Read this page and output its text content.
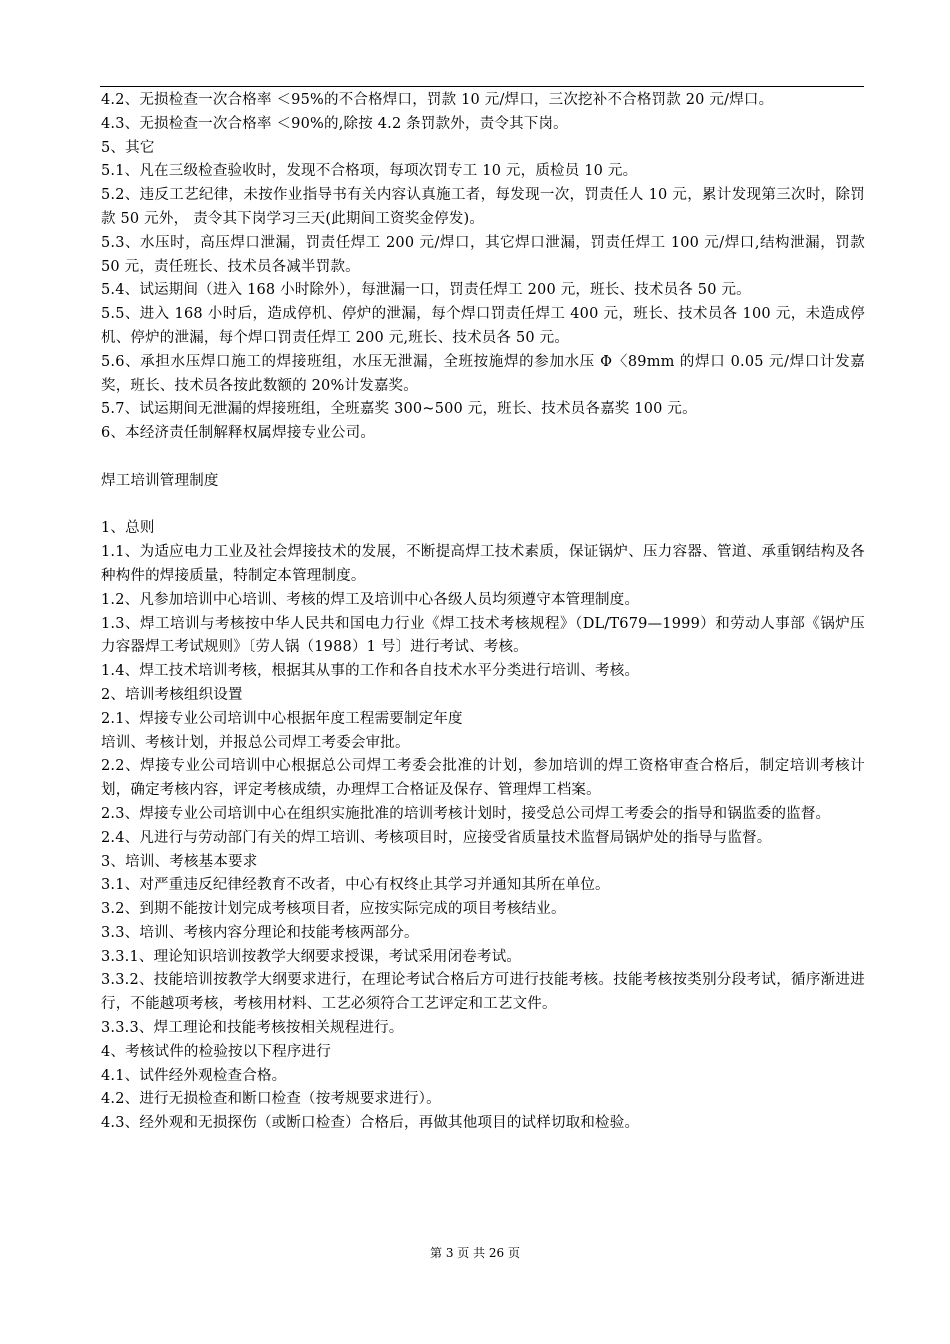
4.2、无损检查一次合格率 ＜95%的不合格焊口，罚款 10 元/焊口，三次挖补不合格罚款 20 元/焊口。

4.3、无损检查一次合格率 ＜90%的,除按 4.2 条罚款外，责令其下岗。

5、其它

5.1、凡在三级检查验收时，发现不合格项，每项次罚专工 10 元，质检员 10 元。

5.2、违反工艺纪律，未按作业指导书有关内容认真施工者，每发现一次，罚责任人 10 元，累计发现第三次时，除罚款 50 元外， 责令其下岗学习三天(此期间工资奖金停发)。

5.3、水压时，高压焊口泄漏，罚责任焊工 200 元/焊口，其它焊口泄漏，罚责任焊工 100 元/焊口,结构泄漏，罚款 50 元，责任班长、技术员各减半罚款。

5.4、试运期间（进入 168 小时除外），每泄漏一口，罚责任焊工 200 元，班长、技术员各 50 元。

5.5、进入 168 小时后，造成停机、停炉的泄漏，每个焊口罚责任焊工 400 元，班长、技术员各 100 元，未造成停机、停炉的泄漏，每个焊口罚责任焊工 200 元,班长、技术员各 50 元。

5.6、承担水压焊口施工的焊接班组，水压无泄漏，全班按施焊的参加水压 Φ〈89mm 的焊口 0.05 元/焊口计发嘉奖，班长、技术员各按此数额的 20%计发嘉奖。

5.7、试运期间无泄漏的焊接班组，全班嘉奖 300~500 元，班长、技术员各嘉奖 100 元。

6、本经济责任制解释权属焊接专业公司。

焊工培训管理制度

1、总则

1.1、为适应电力工业及社会焊接技术的发展，不断提高焊工技术素质，保证锅炉、压力容器、管道、承重钢结构及各种构件的焊接质量，特制定本管理制度。

1.2、凡参加培训中心培训、考核的焊工及培训中心各级人员均须遵守本管理制度。

1.3、焊工培训与考核按中华人民共和国电力行业《焊工技术考核规程》（DL/T679—1999）和劳动人事部《锅炉压力容器焊工考试规则》〔劳人锅（1988）1 号〕进行考试、考核。

1.4、焊工技术培训考核，根据其从事的工作和各自技术水平分类进行培训、考核。

2、培训考核组织设置

2.1、焊接专业公司培训中心根据年度工程需要制定年度

培训、考核计划，并报总公司焊工考委会审批。

2.2、焊接专业公司培训中心根据总公司焊工考委会批准的计划，参加培训的焊工资格审查合格后，制定培训考核计划，确定考核内容，评定考核成绩，办理焊工合格证及保存、管理焊工档案。

2.3、焊接专业公司培训中心在组织实施批准的培训考核计划时，接受总公司焊工考委会的指导和锅监委的监督。

2.4、凡进行与劳动部门有关的焊工培训、考核项目时，应接受省质量技术监督局锅炉处的指导与监督。

3、培训、考核基本要求

3.1、对严重违反纪律经教育不改者，中心有权终止其学习并通知其所在单位。

3.2、到期不能按计划完成考核项目者，应按实际完成的项目考核结业。

3.3、培训、考核内容分理论和技能考核两部分。

3.3.1、理论知识培训按教学大纲要求授课，考试采用闭卷考试。

3.3.2、技能培训按教学大纲要求进行，在理论考试合格后方可进行技能考核。技能考核按类别分段考试，循序渐进进行，不能越项考核，考核用材料、工艺必须符合工艺评定和工艺文件。

3.3.3、焊工理论和技能考核按相关规程进行。

4、考核试件的检验按以下程序进行

4.1、试件经外观检查合格。

4.2、进行无损检查和断口检查（按考规要求进行）。

4.3、经外观和无损探伤（或断口检查）合格后，再做其他项目的试样切取和检验。

第 3 页 共 26 页
